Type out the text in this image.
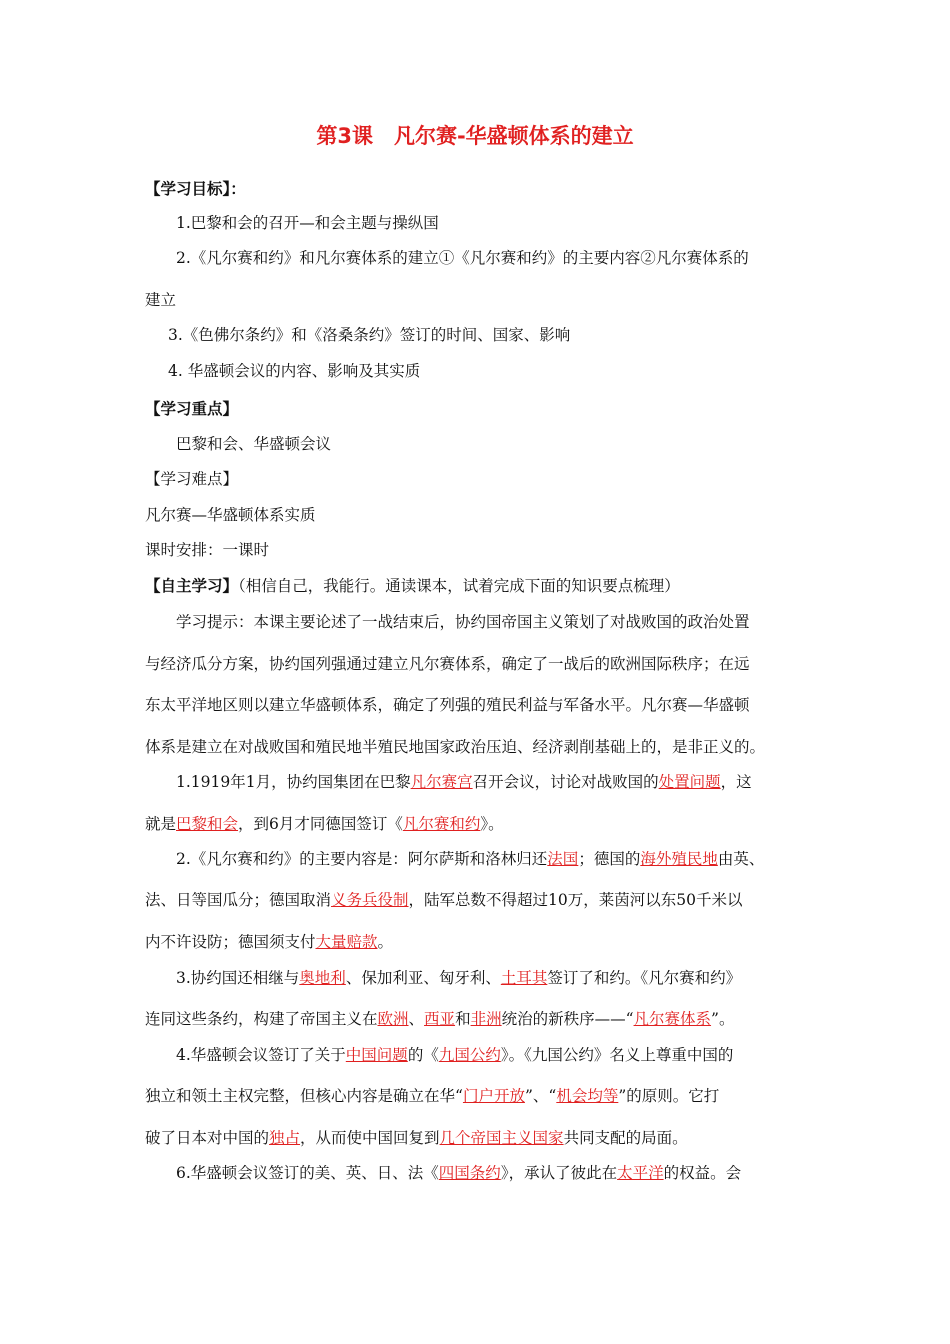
第3课　凡尔赛-华盛顿体系的建立
【学习目标】：
1.巴黎和会的召开—和会主题与操纵国
2.《凡尔赛和约》和凡尔赛体系的建立①《凡尔赛和约》的主要内容②凡尔赛体系的
建立
3.《色佛尔条约》和《洛桑条约》签订的时间、国家、影响
4. 华盛顿会议的内容、影响及其实质
【学习重点】
巴黎和会、华盛顿会议
【学习难点】
凡尔赛—华盛顿体系实质
课时安排：一课时
【自主学习】（相信自己，我能行。通读课本，试着完成下面的知识要点梳理）
学习提示：本课主要论述了一战结束后，协约国帝国主义策划了对战败国的政治处置
与经济瓜分方案，协约国列强通过建立凡尔赛体系，确定了一战后的欧洲国际秩序；在远
东太平洋地区则以建立华盛顿体系，确定了列强的殖民利益与军备水平。凡尔赛—华盛顿
体系是建立在对战败国和殖民地半殖民地国家政治压迫、经济剥削基础上的，是非正义的。
1.1919年1月，协约国集团在巴黎凡尔赛宫召开会议，讨论对战败国的处置问题，这
就是巴黎和会，到6月才同德国签订《凡尔赛和约》。
2.《凡尔赛和约》的主要内容是：阿尔萨斯和洛林归还法国；德国的海外殖民地由英、
法、日等国瓜分；德国取消义务兵役制，陆军总数不得超过10万，莱茵河以东50千米以
内不许设防；德国须支付大量赔款。
3.协约国还相继与奥地利、保加利亚、匈牙利、土耳其签订了和约。《凡尔赛和约》
连同这些条约，构建了帝国主义在欧洲、西亚和非洲统治的新秩序——“凡尔赛体系”。
4.华盛顿会议签订了关于中国问题的《九国公约》。《九国公约》名义上尊重中国的
独立和领土主权完整，但核心内容是确立在华“门户开放”、“机会均等”的原则。它打
破了日本对中国的独占，从而使中国回复到几个帝国主义国家共同支配的局面。
6.华盛顿会议签订的美、英、日、法《四国条约》，承认了彼此在太平洋的权益。会
